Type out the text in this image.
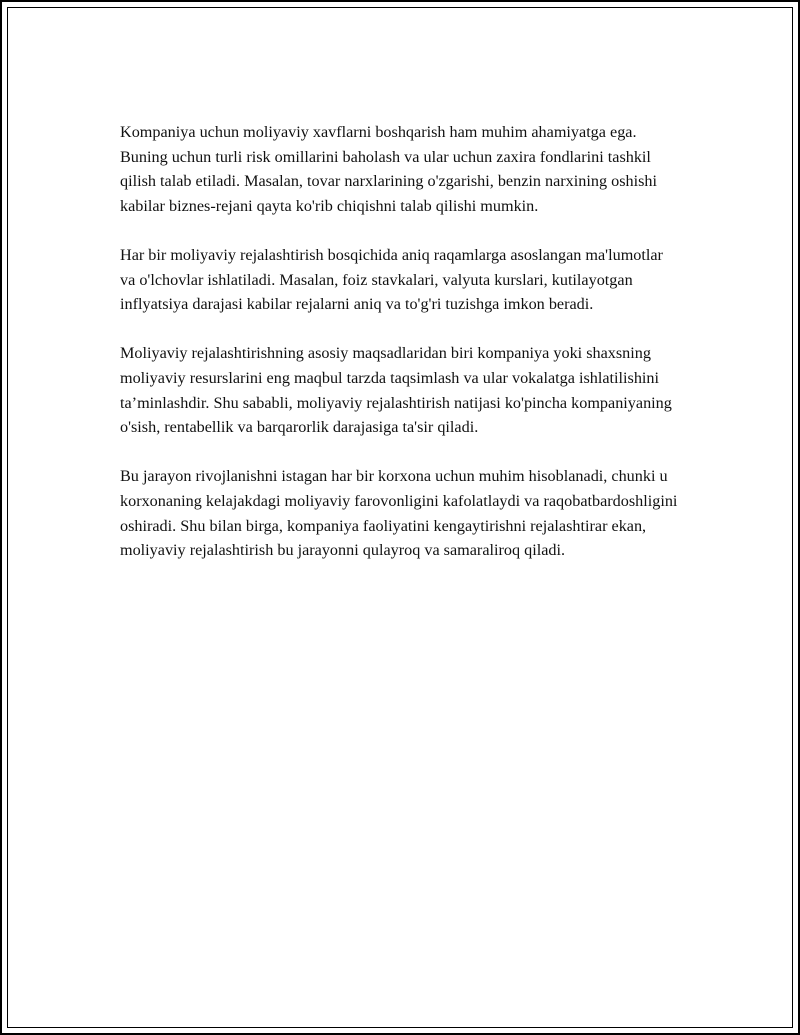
Kompaniya uchun moliyaviy xavflarni boshqarish ham muhim ahamiyatga ega. Buning uchun turli risk omillarini baholash va ular uchun zaxira fondlarini tashkil qilish talab etiladi. Masalan, tovar narxlarining o'zgarishi, benzin narxining oshishi kabilar biznes-rejani qayta ko'rib chiqishni talab qilishi mumkin.

Har bir moliyaviy rejalashtirish bosqichida aniq raqamlarga asoslangan ma'lumotlar va o'lchovlar ishlatiladi. Masalan, foiz stavkalari, valyuta kurslari, kutilayotgan inflyatsiya darajasi kabilar rejalarni aniq va to'g'ri tuzishga imkon beradi.

Moliyaviy rejalashtirishning asosiy maqsadlaridan biri kompaniya yoki shaxsning moliyaviy resurslarini eng maqbul tarzda taqsimlash va ular vokalatga ishlatilishini ta’minlashdir. Shu sababli, moliyaviy rejalashtirish natijasi ko'pincha kompaniyaning o'sish, rentabellik va barqarorlik darajasiga ta'sir qiladi.

Bu jarayon rivojlanishni istagan har bir korxona uchun muhim hisoblanadi, chunki u korxonaning kelajakdagi moliyaviy farovonligini kafolatlaydi va raqobatbardoshligini oshiradi. Shu bilan birga, kompaniya faoliyatini kengaytirishni rejalashtirar ekan, moliyaviy rejalashtirish bu jarayonni qulayroq va samaraliroq qiladi.
